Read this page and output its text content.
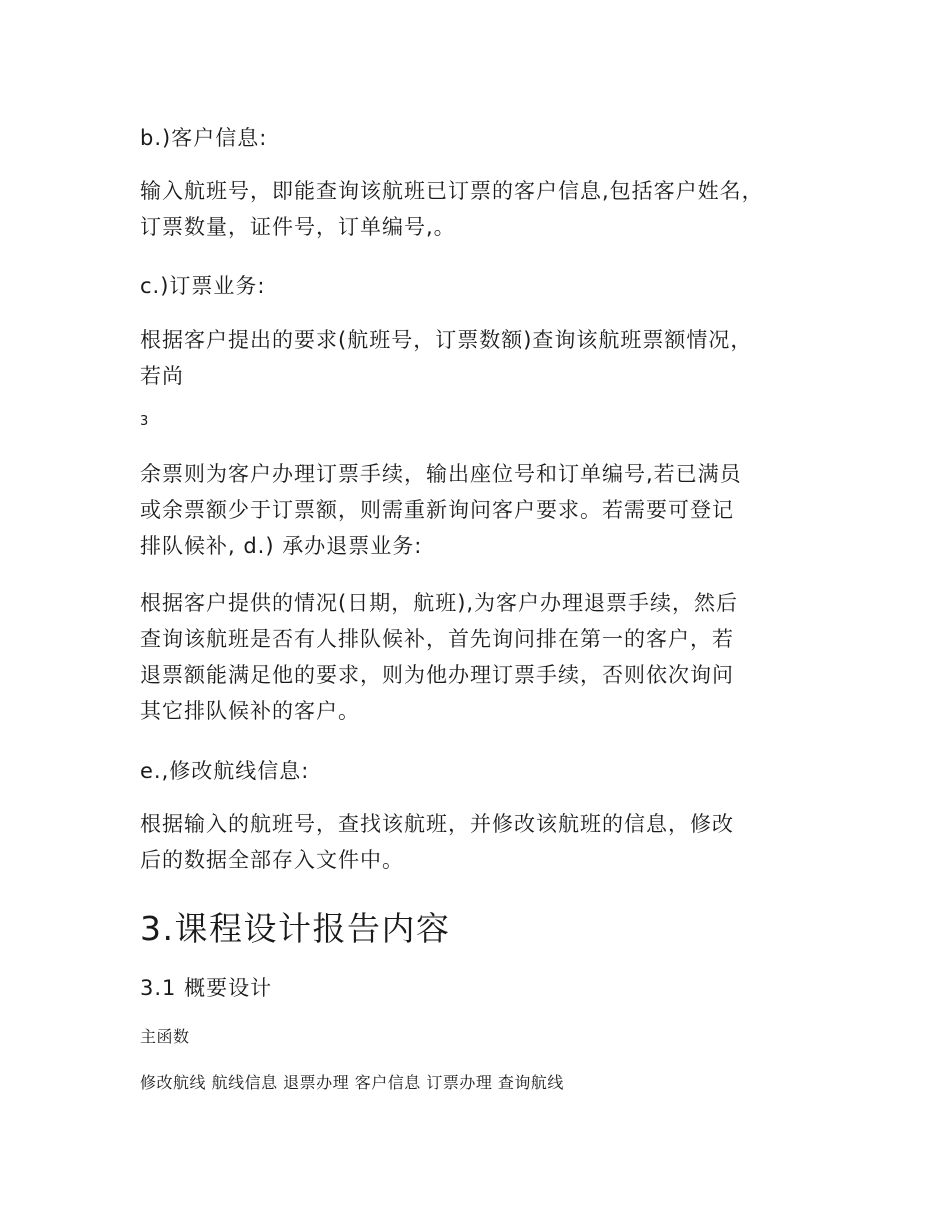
b.)客户信息:

输入航班号，即能查询该航班已订票的客户信息,包括客户姓名，
订票数量，证件号，订单编号,。

c.)订票业务:

根据客户提出的要求(航班号，订票数额)查询该航班票额情况，
若尚

3

余票则为客户办理订票手续，输出座位号和订单编号,若已满员
或余票额少于订票额，则需重新询问客户要求。若需要可登记
排队候补, d.) 承办退票业务:
根据客户提供的情况(日期，航班),为客户办理退票手续，然后
查询该航班是否有人排队候补，首先询问排在第一的客户，若
退票额能满足他的要求，则为他办理订票手续，否则依次询问
其它排队候补的客户。

e.,修改航线信息:

根据输入的航班号，查找该航班，并修改该航班的信息，修改
后的数据全部存入文件中。

3.课程设计报告内容

3.1 概要设计

主函数

修改航线 航线信息 退票办理 客户信息 订票办理 查询航线
